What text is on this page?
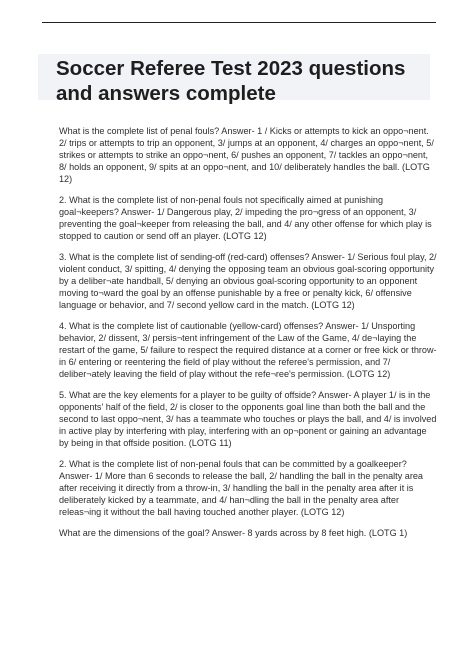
Soccer Referee Test 2023 questions and answers complete

What is the complete list of penal fouls? Answer- 1 / Kicks or attempts to kick an oppo¬nent. 2/ trips or attempts to trip an opponent, 3/ jumps at an opponent, 4/ charges an oppo¬nent, 5/ strikes or attempts to strike an oppo¬nent, 6/ pushes an opponent, 7/ tackles an oppo¬nent, 8/ holds an opponent, 9/ spits at an oppo¬nent, and 10/ deliberately handles the ball. (LOTG 12)

2. What is the complete list of non-penal fouls not specifically aimed at punishing goal¬keepers? Answer- 1/ Dangerous play, 2/ impeding the pro¬gress of an opponent, 3/ preventing the goal¬keeper from releasing the ball, and 4/ any other offense for which play is stopped to caution or send off an player. (LOTG 12)

3. What is the complete list of sending-off (red-card) offenses? Answer- 1/ Serious foul play, 2/ violent conduct, 3/ spitting, 4/ denying the opposing team an obvious goal-scoring opportunity by a deliber¬ate handball, 5/ denying an obvious goal-scoring opportunity to an opponent moving to¬ward the goal by an offense punishable by a free or penalty kick, 6/ offensive language or behavior, and 7/ second yellow card in the match. (LOTG 12)

4. What is the complete list of cautionable (yellow-card) offenses? Answer- 1/ Unsporting behavior, 2/ dissent, 3/ persis¬tent infringement of the Law of the Game, 4/ de¬laying the restart of the game, 5/ failure to respect the required distance at a corner or free kick or throw-in 6/ entering or reentering the field of play without the referee's permission, and 7/ deliber¬ately leaving the field of play without the refe¬ree's permission. (LOTG 12)

5. What are the key elements for a player to be guilty of offside? Answer- A player 1/ is in the opponents' half of the field, 2/ is closer to the opponents goal line than both the ball and the second to last oppo¬nent, 3/ has a teammate who touches or plays the ball, and 4/ is involved in active play by interfering with play, interfering with an op¬ponent or gaining an advantage by being in that offside position. (LOTG 11)

2. What is the complete list of non-penal fouls that can be committed by a goalkeeper? Answer- 1/ More than 6 seconds to release the ball, 2/ handling the ball in the penalty area after receiving it directly from a throw-in, 3/ handling the ball in the penalty area after it is deliberately kicked by a teammate, and 4/ han¬dling the ball in the penalty area after releas¬ing it without the ball having touched another player. (LOTG 12)

What are the dimensions of the goal? Answer- 8 yards across by 8 feet high. (LOTG 1)
